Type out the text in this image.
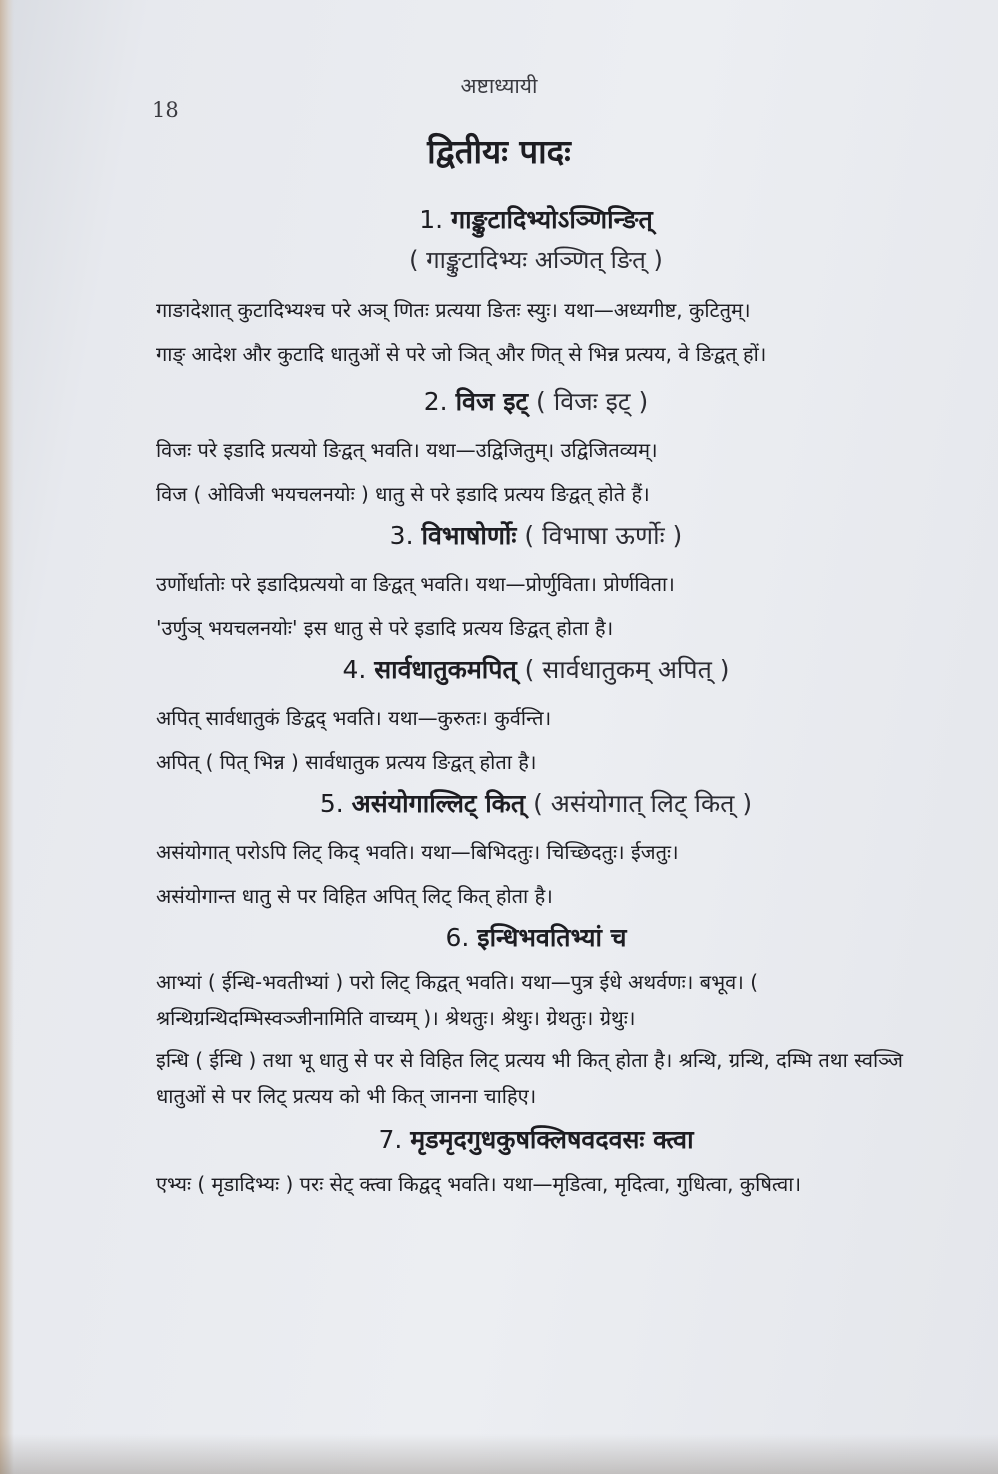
अष्टाध्यायी
18
द्वितीयः पादः

1. गाङ्कुटादिभ्योऽञ्णिन्ङित्

( गाङ्कुटादिभ्यः अञ्णित् ङित् )

गाङादेशात् कुटादिभ्यश्च परे अञ् णितः प्रत्यया ङितः स्युः। यथा—अध्यगीष्ट, कुटितुम्।

गाङ् आदेश और कुटादि धातुओं से परे जो ञित् और णित् से भिन्न प्रत्यय, वे ङिद्वत् हों।

2. विज इट् ( विजः इट् )

विजः परे इडादि प्रत्ययो ङिद्वत् भवति। यथा—उद्विजितुम्। उद्विजितव्यम्।

विज ( ओविजी भयचलनयोः ) धातु से परे इडादि प्रत्यय ङिद्वत् होते हैं।

3. विभाषोर्णोः ( विभाषा ऊर्णोः )

उर्णोर्धातोः परे इडादिप्रत्ययो वा ङिद्वत् भवति। यथा—प्रोर्णुविता। प्रोर्णविता।

'उर्णुञ् भयचलनयोः' इस धातु से परे इडादि प्रत्यय ङिद्वत् होता है।

4. सार्वधातुकमपित् ( सार्वधातुकम् अपित् )

अपित् सार्वधातुकं ङिद्वद् भवति। यथा—कुरुतः। कुर्वन्ति।

अपित् ( पित् भिन्न ) सार्वधातुक प्रत्यय ङिद्वत् होता है।

5. असंयोगाल्लिट् कित् ( असंयोगात् लिट् कित् )

असंयोगात् परोऽपि लिट् किद् भवति। यथा—बिभिदतुः। चिच्छिदतुः। ईजतुः।

असंयोगान्त धातु से पर विहित अपित् लिट् कित् होता है।

6. इन्धिभवतिभ्यां च

आभ्यां ( ईन्धि-भवतीभ्यां ) परो लिट् किद्वत् भवति। यथा—पुत्र ईधे अथर्वणः। बभूव। ( श्रन्थिग्रन्थिदम्भिस्वञ्जीनामिति वाच्यम् )। श्रेथतुः। श्रेथुः। ग्रेथतुः। ग्रेथुः।

इन्धि ( ईन्धि ) तथा भू धातु से पर से विहित लिट् प्रत्यय भी कित् होता है। श्रन्थि, ग्रन्थि, दम्भि तथा स्वञ्जि धातुओं से पर लिट् प्रत्यय को भी कित् जानना चाहिए।

7. मृडमृदगुधकुषक्लिषवदवसः क्त्वा

एभ्यः ( मृडादिभ्यः ) परः सेट् क्त्वा किद्वद् भवति। यथा—मृडित्वा, मृदित्वा, गुधित्वा, कुषित्वा।
